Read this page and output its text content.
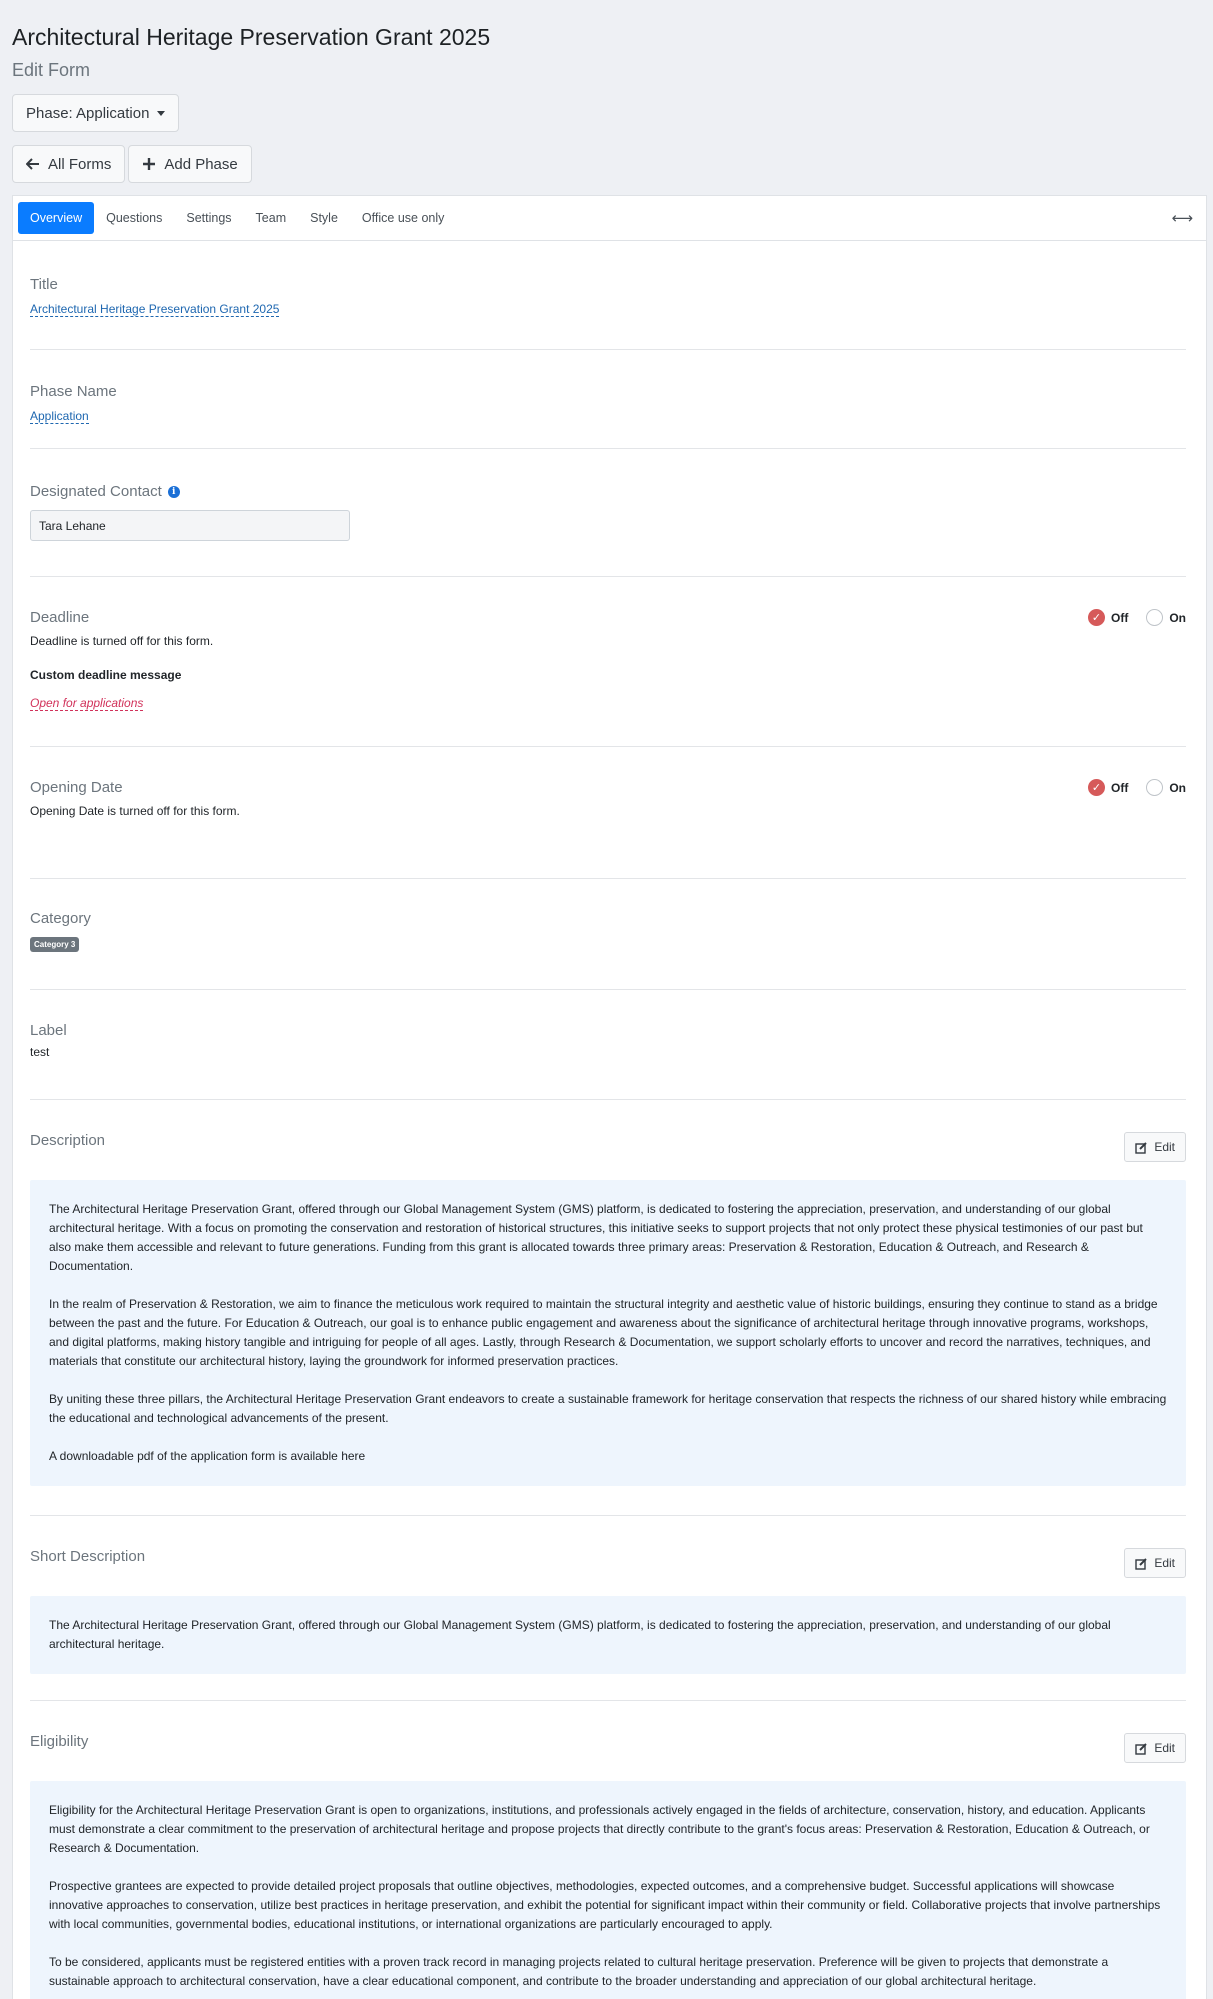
Architectural Heritage Preservation Grant 2025
Edit Form
Phase: Application
All Forms	Add Phase
Overview	Questions	Settings	Team	Style	Office use only	⟷
Title
Architectural Heritage Preservation Grant 2025
Phase Name
Application
Designated Contact i
Tara Lehane
Deadline
Deadline is turned off for this form.
Custom deadline message
Open for applications
✓ Off	On
Opening Date
Opening Date is turned off for this form.
✓ Off	On
Category
Category 3
Label
test
Description	Edit

The Architectural Heritage Preservation Grant, offered through our Global Management System (GMS) platform, is dedicated to fostering the appreciation, preservation, and understanding of our global architectural heritage. With a focus on promoting the conservation and restoration of historical structures, this initiative seeks to support projects that not only protect these physical testimonies of our past but also make them accessible and relevant to future generations. Funding from this grant is allocated towards three primary areas: Preservation & Restoration, Education & Outreach, and Research & Documentation.

In the realm of Preservation & Restoration, we aim to finance the meticulous work required to maintain the structural integrity and aesthetic value of historic buildings, ensuring they continue to stand as a bridge between the past and the future. For Education & Outreach, our goal is to enhance public engagement and awareness about the significance of architectural heritage through innovative programs, workshops, and digital platforms, making history tangible and intriguing for people of all ages. Lastly, through Research & Documentation, we support scholarly efforts to uncover and record the narratives, techniques, and materials that constitute our architectural history, laying the groundwork for informed preservation practices.

By uniting these three pillars, the Architectural Heritage Preservation Grant endeavors to create a sustainable framework for heritage conservation that respects the richness of our shared history while embracing the educational and technological advancements of the present.

A downloadable pdf of the application form is available here

Short Description	Edit

The Architectural Heritage Preservation Grant, offered through our Global Management System (GMS) platform, is dedicated to fostering the appreciation, preservation, and understanding of our global architectural heritage.

Eligibility	Edit

Eligibility for the Architectural Heritage Preservation Grant is open to organizations, institutions, and professionals actively engaged in the fields of architecture, conservation, history, and education. Applicants must demonstrate a clear commitment to the preservation of architectural heritage and propose projects that directly contribute to the grant's focus areas: Preservation & Restoration, Education & Outreach, or Research & Documentation.

Prospective grantees are expected to provide detailed project proposals that outline objectives, methodologies, expected outcomes, and a comprehensive budget. Successful applications will showcase innovative approaches to conservation, utilize best practices in heritage preservation, and exhibit the potential for significant impact within their community or field. Collaborative projects that involve partnerships with local communities, governmental bodies, educational institutions, or international organizations are particularly encouraged to apply.

To be considered, applicants must be registered entities with a proven track record in managing projects related to cultural heritage preservation. Preference will be given to projects that demonstrate a sustainable approach to architectural conservation, have a clear educational component, and contribute to the broader understanding and appreciation of our global architectural heritage.
